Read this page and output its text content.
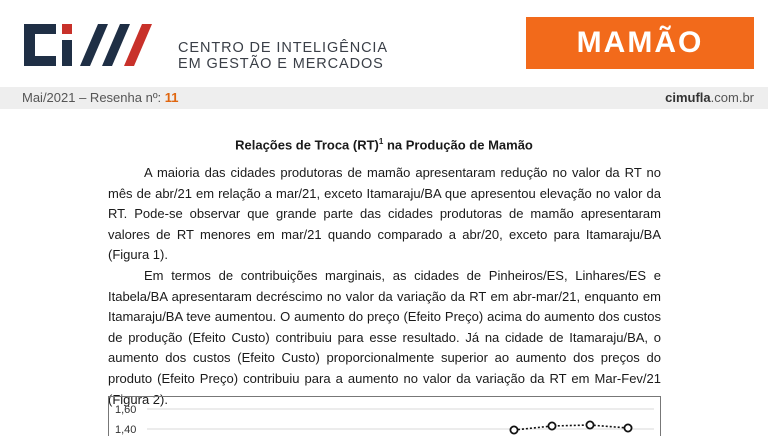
CENTRO DE INTELIGÊNCIA
EM GESTÃO E MERCADOS
MAMÃO
Mai/2021 – Resenha nº: 11	cimufla.com.br
Relações de Troca (RT)$^1$ na Produção de Mamão

A maioria das cidades produtoras de mamão apresentaram redução no valor da RT no mês de abr/21 em relação a mar/21, exceto Itamaraju/BA que apresentou elevação no valor da RT. Pode-se observar que grande parte das cidades produtoras de mamão apresentaram valores de RT menores em mar/21 quando comparado a abr/20, exceto para Itamaraju/BA (Figura 1).

Em termos de contribuições marginais, as cidades de Pinheiros/ES, Linhares/ES e Itabela/BA apresentaram decréscimo no valor da variação da RT em abr-mar/21, enquanto em Itamaraju/BA teve aumentou. O aumento do preço (Efeito Preço) acima do aumento dos custos de produção (Efeito Custo) contribuiu para esse resultado. Já na cidade de Itamaraju/BA, o aumento dos custos (Efeito Custo) proporcionalmente superior ao aumento dos preços do produto (Efeito Preço) contribuiu para a aumento no valor da variação da RT em Mar-Fev/21 (Figura 2).

1,60
1,40
